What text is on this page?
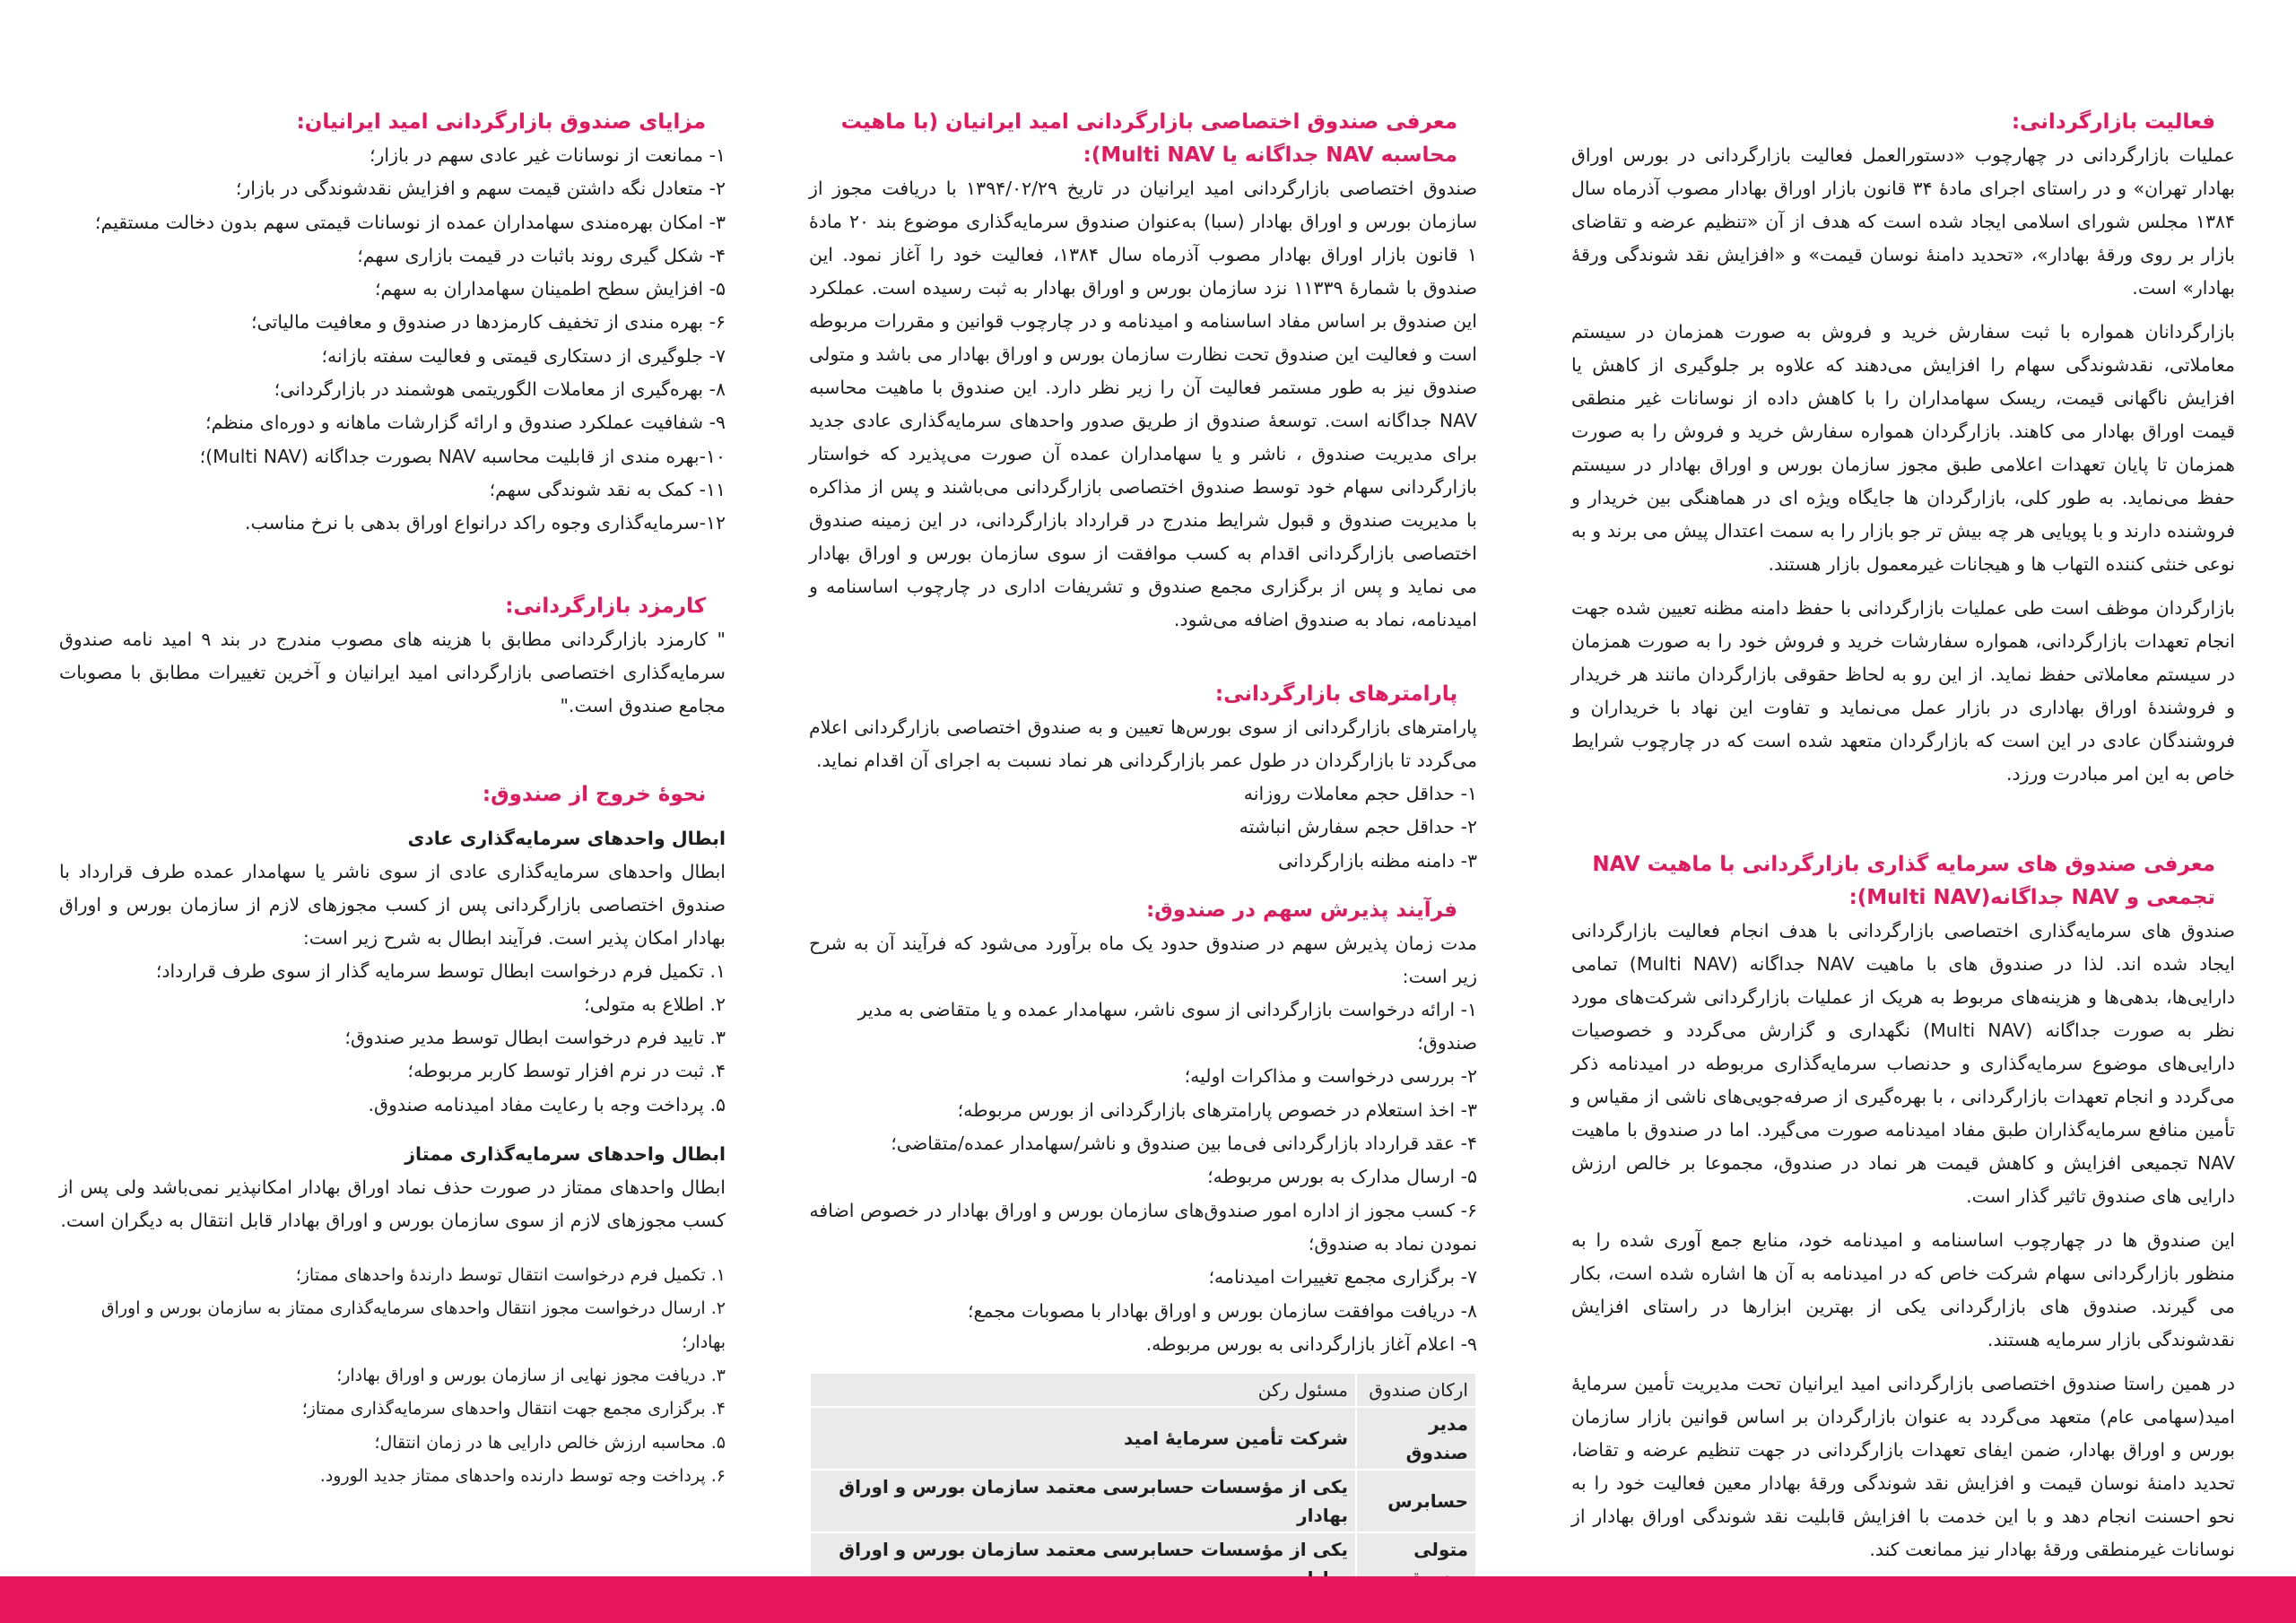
فعالیت بازارگردانی:

عملیات بازارگردانی در چهارچوب «دستورالعمل فعالیت بازارگردانی در بورس اوراق بهادار تهران» و در راستای اجرای مادۀ ۳۴ قانون بازار اوراق بهادار مصوب آذرماه سال ۱۳۸۴ مجلس شورای اسلامی ایجاد شده است که هدف از آن «تنظیم عرضه و تقاضای بازار بر روی ورقۀ بهادار»، «تحدید دامنۀ نوسان قیمت» و «افزایش نقد شوندگی ورقۀ بهادار» است.

بازارگردانان همواره با ثبت سفارش خرید و فروش به صورت همزمان در سیستم معاملاتی، نقدشوندگی سهام را افزایش می‌دهند که علاوه بر جلوگیری از کاهش یا افزایش ناگهانی قیمت، ریسک سهامداران را با کاهش داده از نوسانات غیر منطقی قیمت اوراق بهادار می کاهند. بازارگردان همواره سفارش خرید و فروش را به صورت همزمان تا پایان تعهدات اعلامی طبق مجوز سازمان بورس و اوراق بهادار در سیستم حفظ می‌نماید. به طور کلی، بازارگردان ها جایگاه ویژه ای در هماهنگی بین خریدار و فروشنده دارند و با پویایی هر چه بیش تر جو بازار را به سمت اعتدال پیش می برند و به نوعی خنثی کننده التهاب ها و هیجانات غیرمعمول بازار هستند.

بازارگردان موظف است طی عملیات بازارگردانی با حفظ دامنه مظنه تعیین شده جهت انجام تعهدات بازارگردانی، همواره سفارشات خرید و فروش خود را به صورت همزمان در سیستم معاملاتی حفظ نماید. از این رو به لحاظ حقوقی بازارگردان مانند هر خریدار و فروشندۀ اوراق بهاداری در بازار عمل می‌نماید و تفاوت این نهاد با خریداران و فروشندگان عادی در این است که بازارگردان متعهد شده است که در چارچوب شرایط خاص به این امر مبادرت ورزد.

معرفی صندوق های سرمایه گذاری بازارگردانی با ماهیت NAV تجمعی و NAV جداگانه(Multi NAV):

صندوق های سرمایه‌گذاری اختصاصی بازارگردانی با هدف انجام فعالیت بازارگردانی ایجاد شده اند. لذا در صندوق های با ماهیت NAV جداگانه (Multi NAV) تمامی دارایی‌ها، بدهی‌ها و هزینه‌های مربوط به هریک از عملیات بازارگردانی شرکت‌های مورد نظر به صورت جداگانه (Multi NAV) نگهداری و گزارش می‌گردد و خصوصیات دارایی‌های موضوع سرمایه‌گذاری و حدنصاب سرمایه‌گذاری مربوطه در امیدنامه ذکر می‌گردد و انجام تعهدات بازارگردانی ، با بهره‌گیری از صرفه‌جویی‌های ناشی از مقیاس و تأمین منافع سرمایه‌گذاران طبق مفاد امیدنامه صورت می‌گیرد. اما در صندوق با ماهیت NAV تجمیعی افزایش و کاهش قیمت هر نماد در صندوق، مجموعا بر خالص ارزش دارایی های صندوق تاثیر گذار است.

این صندوق ها در چهارچوب اساسنامه و امیدنامه خود، منابع جمع آوری شده را به منظور بازارگردانی سهام شرکت خاص که در امیدنامه به آن ها اشاره شده است، بکار می گیرند. صندوق های بازارگردانی یکی از بهترین ابزارها در راستای افزایش نقدشوندگی بازار سرمایه هستند.

در همین راستا صندوق اختصاصی بازارگردانی امید ایرانیان تحت مدیریت تأمین سرمایۀ امید(سهامی عام) متعهد می‌گردد به عنوان بازارگردان بر اساس قوانین بازار سازمان بورس و اوراق بهادار، ضمن ایفای تعهدات بازارگردانی در جهت تنظیم عرضه و تقاضا، تحدید دامنۀ نوسان قیمت و افزایش نقد شوندگی ورقۀ بهادار معین فعالیت خود را به نحو احسنت انجام دهد و با این خدمت با افزایش قابلیت نقد شوندگی اوراق بهادار از نوسانات غیرمنطقی ورقۀ بهادار نیز ممانعت کند.

معرفی صندوق اختصاصی بازارگردانی امید ایرانیان (با ماهیت محاسبه NAV جداگانه یا Multi NAV):

صندوق اختصاصی بازارگردانی امید ایرانیان در تاریخ ۱۳۹۴/۰۲/۲۹ با دریافت مجوز از سازمان بورس و اوراق بهادار (سبا) به‌عنوان صندوق سرمایه‌گذاری موضوع بند ۲۰ مادۀ ۱ قانون بازار اوراق بهادار مصوب آذرماه سال ۱۳۸۴، فعالیت خود را آغاز نمود. این صندوق با شمارۀ ۱۱۳۳۹ نزد سازمان بورس و اوراق بهادار به ثبت رسیده است. عملکرد این صندوق بر اساس مفاد اساسنامه و امیدنامه و در چارچوب قوانین و مقررات مربوطه است و فعالیت این صندوق تحت نظارت سازمان بورس و اوراق بهادار می باشد و متولی صندوق نیز به طور مستمر فعالیت آن را زیر نظر دارد. این صندوق با ماهیت محاسبه NAV جداگانه است. توسعۀ صندوق از طریق صدور واحدهای سرمایه‌گذاری عادی جدید برای مدیریت صندوق ، ناشر و یا سهامداران عمده آن صورت می‌پذیرد که خواستار بازارگردانی سهام خود توسط صندوق اختصاصی بازارگردانی می‌باشند و پس از مذاکره با مدیریت صندوق و قبول شرایط مندرج در قرارداد بازارگردانی، در این زمینه صندوق اختصاصی بازارگردانی اقدام به کسب موافقت از سوی سازمان بورس و اوراق بهادار می نماید و پس از برگزاری مجمع صندوق و تشریفات اداری در چارچوب اساسنامه و امیدنامه، نماد به صندوق اضافه می‌شود.

پارامترهای بازارگردانی:

پارامترهای بازارگردانی از سوی بورس‌ها تعیین و به صندوق اختصاصی بازارگردانی اعلام می‌گردد تا بازارگردان در طول عمر بازارگردانی هر نماد نسبت به اجرای آن اقدام نماید.

۱- حداقل حجم معاملات روزانه
۲- حداقل حجم سفارش انباشته
۳- دامنه مظنه بازارگردانی
فرآیند پذیرش سهم در صندوق:

مدت زمان پذیرش سهم در صندوق حدود یک ماه برآورد می‌شود که فرآیند آن به شرح زیر است:

۱- ارائه درخواست بازارگردانی از سوی ناشر، سهامدار عمده و یا متقاضی به مدیر صندوق؛
۲- بررسی درخواست و مذاکرات اولیه؛
۳- اخذ استعلام در خصوص پارامترهای بازارگردانی از بورس مربوطه؛
۴- عقد قرارداد بازارگردانی فی‌ما بین صندوق و ناشر/سهامدار عمده/متقاضی؛
۵- ارسال مدارک به بورس مربوطه؛
۶- کسب مجوز از اداره امور صندوق‌های سازمان بورس و اوراق بهادار در خصوص اضافه نمودن نماد به صندوق؛
۷- برگزاری مجمع تغییرات امیدنامه؛
۸- دریافت موافقت سازمان بورس و اوراق بهادار با مصوبات مجمع؛
۹- اعلام آغاز بازارگردانی به بورس مربوطه.
ارکان صندوق	مسئول رکن
مدیر صندوق	شرکت تأمین سرمایۀ امید
حسابرس	یکی از مؤسسات حسابرسی معتمد سازمان بورس و اوراق بهادار
متولی	یکی از مؤسسات حسابرسی معتمد سازمان بورس و اوراق
مزایای صندوق بازارگردانی امید ایرانیان:
۱- ممانعت از نوسانات غیر عادی سهم در بازار؛
۲- متعادل نگه داشتن قیمت سهم و افزایش نقدشوندگی در بازار؛
۳- امکان بهره‌مندی سهامداران عمده از نوسانات قیمتی سهم بدون دخالت مستقیم؛
۴- شکل گیری روند باثبات در قیمت بازاری سهم؛
۵- افزایش سطح اطمینان سهامداران به سهم؛
۶- بهره مندی از تخفیف کارمزدها در صندوق و معافیت مالیاتی؛
۷- جلوگیری از دستکاری قیمتی و فعالیت سفته بازانه؛
۸- بهره‌گیری از معاملات الگوریتمی هوشمند در بازارگردانی؛
۹- شفافیت عملکرد صندوق و ارائه گزارشات ماهانه و دوره‌ای منظم؛
۱۰-بهره مندی از قابلیت محاسبه NAV بصورت جداگانه (Multi NAV)؛
۱۱- کمک به نقد شوندگی سهم؛
۱۲-سرمایه‌گذاری وجوه راکد درانواع اوراق بدهی با نرخ مناسب.
کارمزد بازارگردانی:

" کارمزد بازارگردانی مطابق با هزینه های مصوب مندرج در بند ۹ امید نامه صندوق سرمایه‌گذاری اختصاصی بازارگردانی امید ایرانیان و آخرین تغییرات مطابق با مصوبات مجامع صندوق است."

نحوۀ خروج از صندوق:
ابطال واحدهای سرمایه‌گذاری عادی

ابطال واحدهای سرمایه‌گذاری عادی از سوی ناشر یا سهامدار عمده طرف قرارداد با صندوق اختصاصی بازارگردانی پس از کسب مجوزهای لازم از سازمان بورس و اوراق بهادار امکان پذیر است. فرآیند ابطال به شرح زیر است:

۱. تکمیل فرم درخواست ابطال توسط سرمایه گذار از سوی طرف قرارداد؛
۲. اطلاع به متولی؛
۳. تایید فرم درخواست ابطال توسط مدیر صندوق؛
۴. ثبت در نرم افزار توسط کاربر مربوطه؛
۵. پرداخت وجه با رعایت مفاد امیدنامه صندوق.
ابطال واحدهای سرمایه‌گذاری ممتاز

ابطال واحدهای ممتاز در صورت حذف نماد اوراق بهادار امکانپذیر نمی‌باشد ولی پس از کسب مجوزهای لازم از سوی سازمان بورس و اوراق بهادار قابل انتقال به دیگران است.

۱. تکمیل فرم درخواست انتقال توسط دارندۀ واحدهای ممتاز؛
۲. ارسال درخواست مجوز انتقال واحدهای سرمایه‌گذاری ممتاز به سازمان بورس و اوراق بهادار؛
۳. دریافت مجوز نهایی از سازمان بورس و اوراق بهادار؛
۴. برگزاری مجمع جهت انتقال واحدهای سرمایه‌گذاری ممتاز؛
۵. محاسبه ارزش خالص دارایی ها در زمان انتقال؛
۶. پرداخت وجه توسط دارنده واحدهای ممتاز جدید الورود.
